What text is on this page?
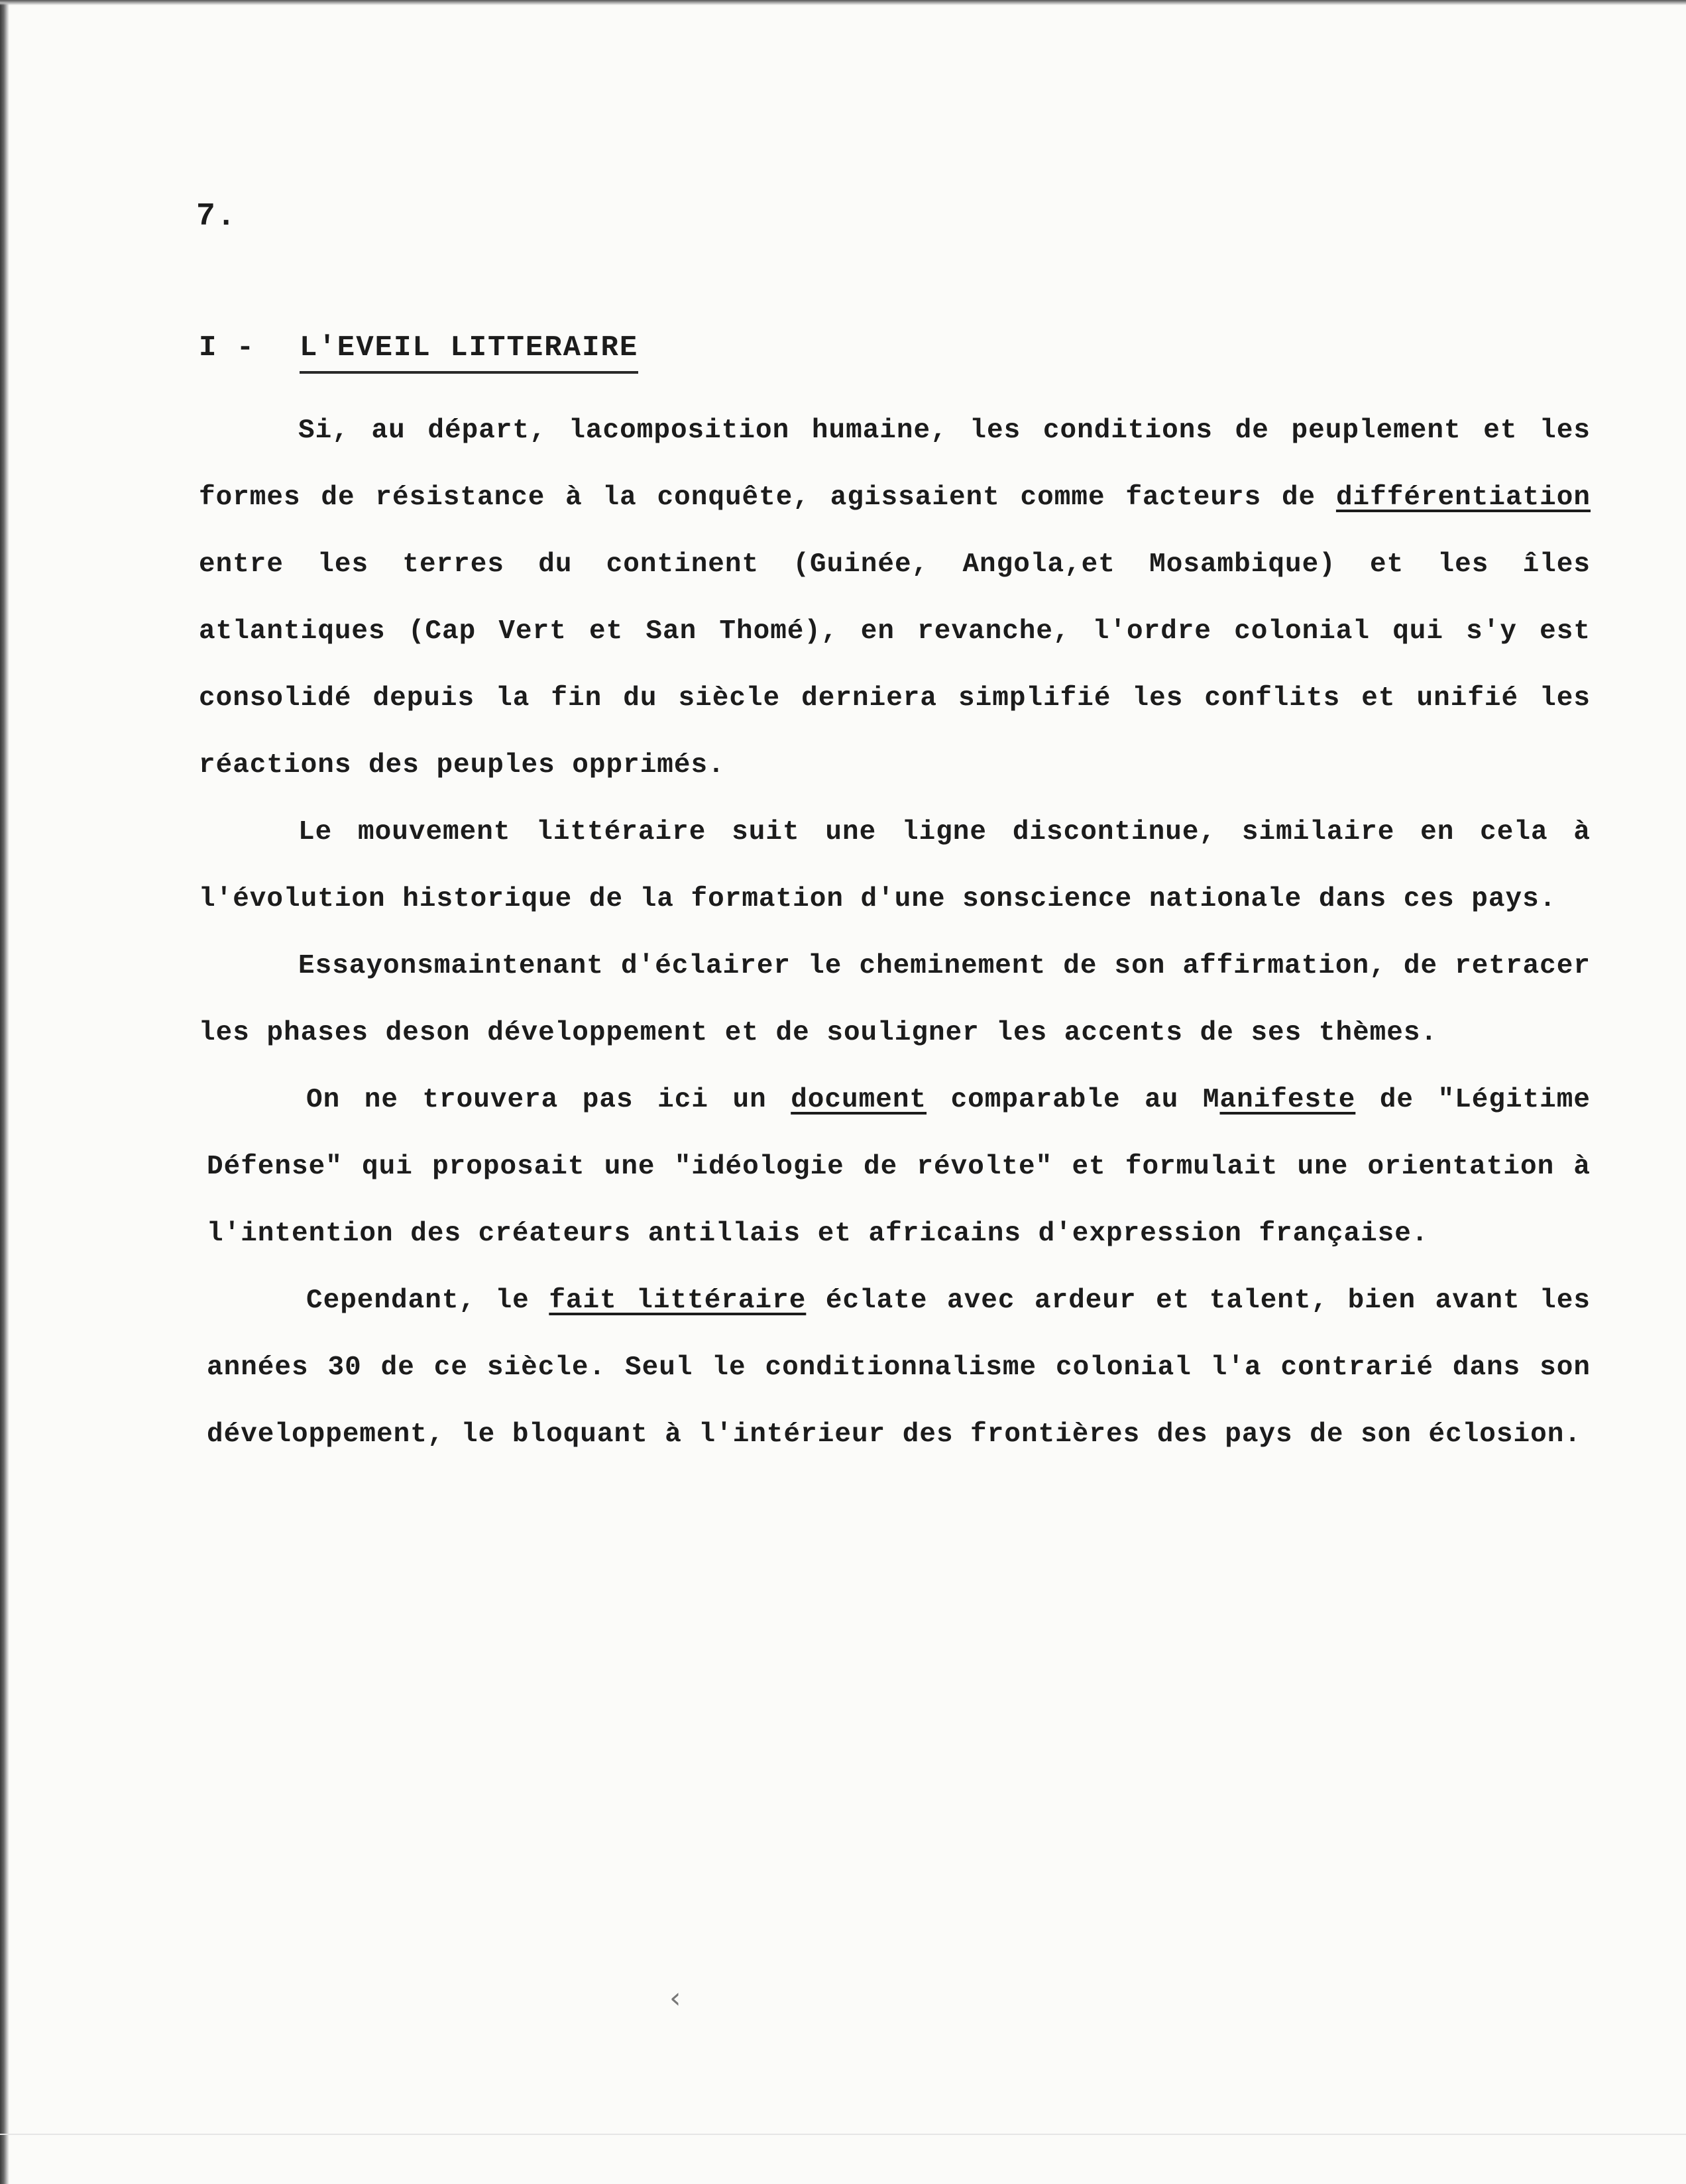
7.
I - L'EVEIL LITTERAIRE

Si, au départ, lacomposition humaine, les conditions de peuplement et les formes de résistance à la conquête, agissaient comme facteurs de différentiation entre les terres du continent (Guinée, Angola,et Mosambique) et les îles atlantiques (Cap Vert et San Thomé), en revanche, l'ordre colonial qui s'y est consolidé depuis la fin du siècle derniera simplifié les conflits et unifié les réactions des peuples opprimés.

Le mouvement littéraire suit une ligne discontinue, similaire en cela à l'évolution historique de la formation d'une sonscience nationale dans ces pays.

Essayonsmaintenant d'éclairer le cheminement de son affirmation, de retracer les phases deson développement et de souligner les accents de ses thèmes.

On ne trouvera pas ici un document comparable au Manifeste de "Légitime Défense" qui proposait une "idéologie de révolte" et formulait une orientation à l'intention des créateurs antillais et africains d'expression française.

Cependant, le fait littéraire éclate avec ardeur et talent, bien avant les années 30 de ce siècle. Seul le conditionnalisme colonial l'a contrarié dans son développement, le bloquant à l'intérieur des frontières des pays de son éclosion.

‹
